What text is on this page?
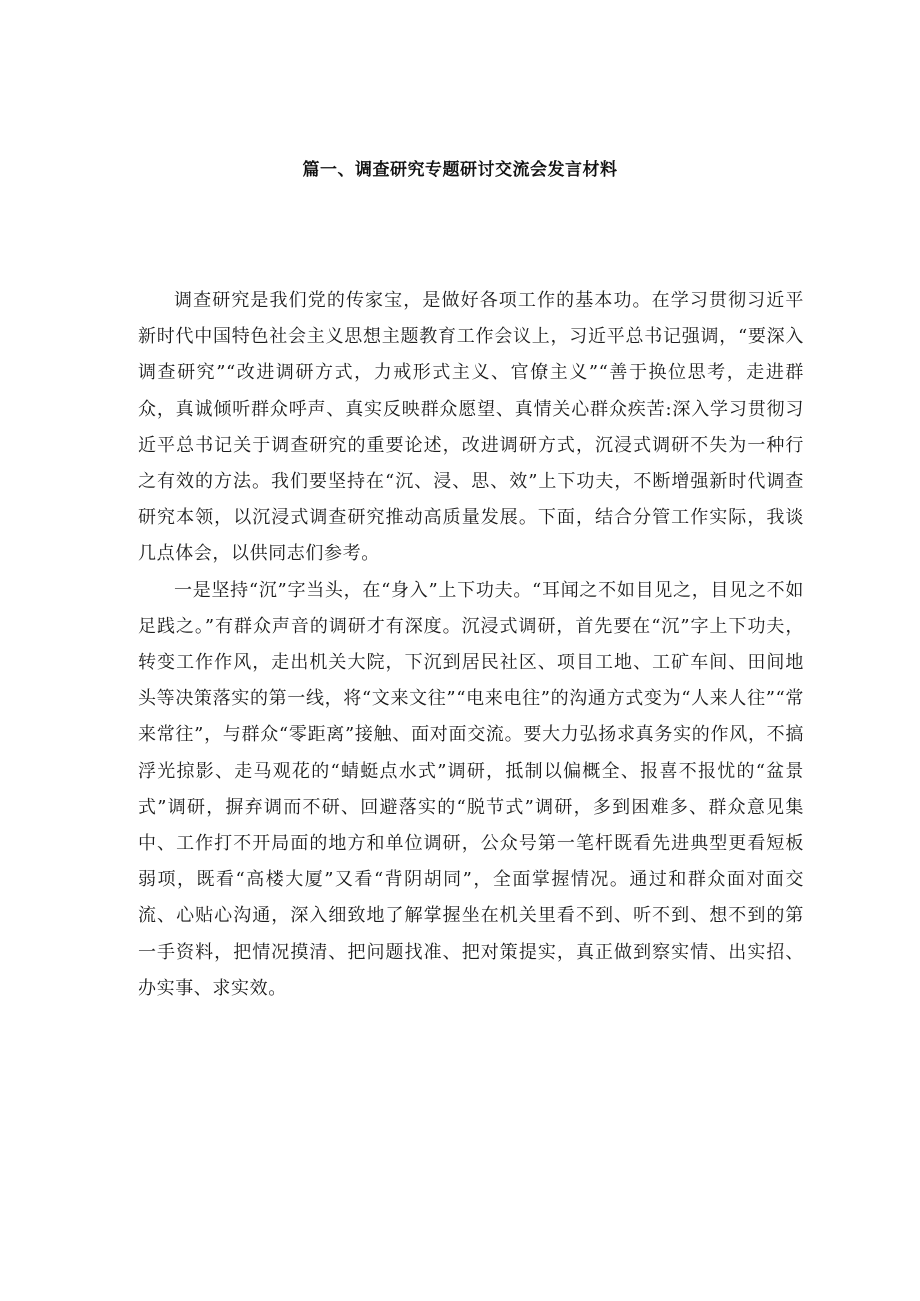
篇一、调查研究专题研讨交流会发言材料

调查研究是我们党的传家宝，是做好各项工作的基本功。在学习贯彻习近平新时代中国特色社会主义思想主题教育工作会议上，习近平总书记强调，“要深入调查研究”“改进调研方式，力戒形式主义、官僚主义”“善于换位思考，走进群众，真诚倾听群众呼声、真实反映群众愿望、真情关心群众疾苦:深入学习贯彻习近平总书记关于调查研究的重要论述，改进调研方式，沉浸式调研不失为一种行之有效的方法。我们要坚持在“沉、浸、思、效”上下功夫，不断增强新时代调查研究本领，以沉浸式调查研究推动高质量发展。下面，结合分管工作实际，我谈几点体会，以供同志们参考。

一是坚持“沉”字当头，在“身入”上下功夫。“耳闻之不如目见之，目见之不如足践之。”有群众声音的调研才有深度。沉浸式调研，首先要在“沉”字上下功夫，转变工作作风，走出机关大院，下沉到居民社区、项目工地、工矿车间、田间地头等决策落实的第一线，将“文来文往”“电来电往”的沟通方式变为“人来人往”“常来常往”，与群众“零距离”接触、面对面交流。要大力弘扬求真务实的作风，不搞浮光掠影、走马观花的“蜻蜓点水式”调研，抵制以偏概全、报喜不报忧的“盆景式”调研，摒弃调而不研、回避落实的“脱节式”调研，多到困难多、群众意见集中、工作打不开局面的地方和单位调研，公众号第一笔杆既看先进典型更看短板弱项，既看“高楼大厦”又看“背阴胡同”，全面掌握情况。通过和群众面对面交流、心贴心沟通，深入细致地了解掌握坐在机关里看不到、听不到、想不到的第一手资料，把情况摸清、把问题找准、把对策提实，真正做到察实情、出实招、办实事、求实效。
